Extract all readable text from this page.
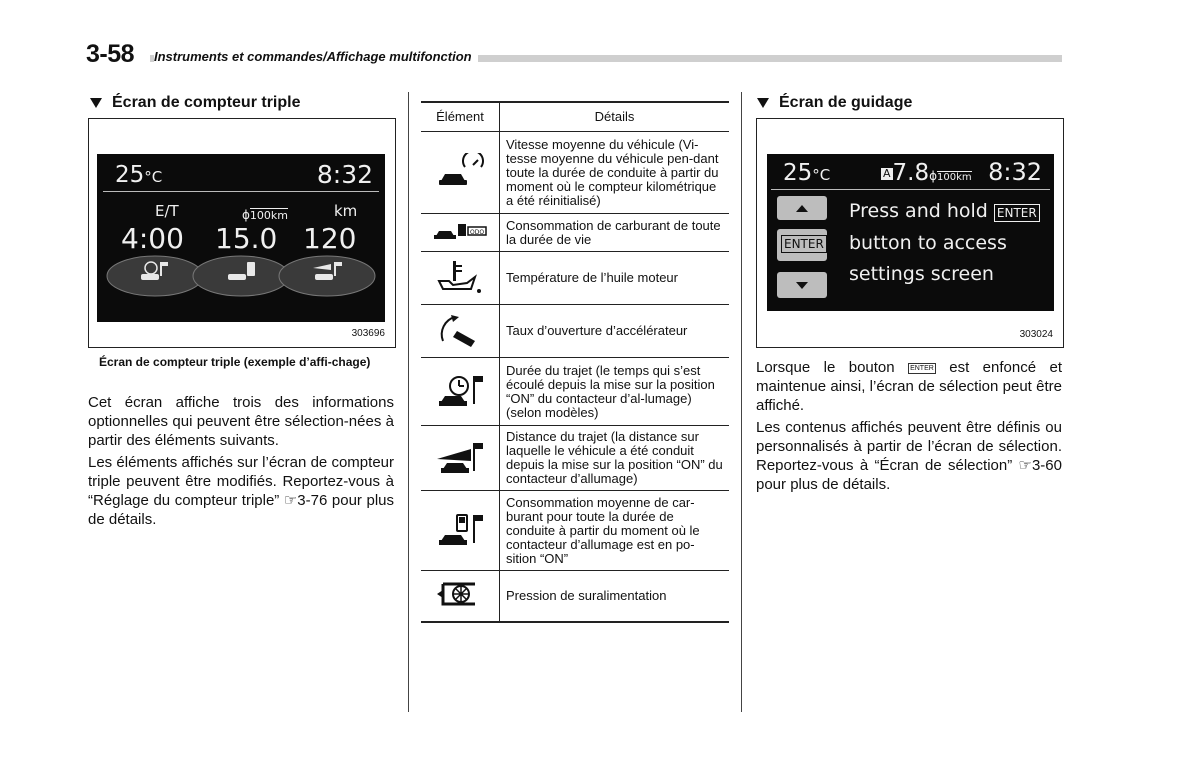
3-58 Instruments et commandes/Affichage multifonction
Écran de compteur triple
25°C	8:32
E/T	ϕ100km	km
4:00 15.0 120
303696
Écran de compteur triple (exemple d’affi-chage)

Cet écran affiche trois des informations optionnelles qui peuvent être sélection-nées à partir des éléments suivants.

Les éléments affichés sur l’écran de compteur triple peuvent être modifiés. Reportez-vous à “Réglage du compteur triple” ☞3-76 pour plus de détails.

Élément	Détails
	Vitesse moyenne du véhicule (Vi-tesse moyenne du véhicule pen-dant toute la durée de conduite à partir du moment où le compteur kilométrique a été réinitialisé)

ODO	Consommation de carburant de toute la durée de vie
	Température de l’huile moteur
	Taux d’ouverture d’accélérateur
	Durée du trajet (le temps qui s’est écoulé depuis la mise sur la position “ON” du contacteur d’al-lumage) (selon modèles)
	Distance du trajet (la distance sur laquelle le véhicule a été conduit depuis la mise sur la position “ON” du contacteur d’allumage)
	Consommation moyenne de car-burant pour toute la durée de conduite à partir du moment où le contacteur d’allumage est en po-sition “ON”
	Pression de suralimentation
Écran de guidage
25°C	A7.8ϕ100km 8:32
ENTER
Press and hold ENTER
button to access
settings screen
303024

Lorsque le bouton ENTER est enfoncé et maintenue ainsi, l’écran de sélection peut être affiché.

Les contenus affichés peuvent être définis ou personnalisés à partir de l’écran de sélection. Reportez-vous à “Écran de sélection” ☞3-60 pour plus de détails.
